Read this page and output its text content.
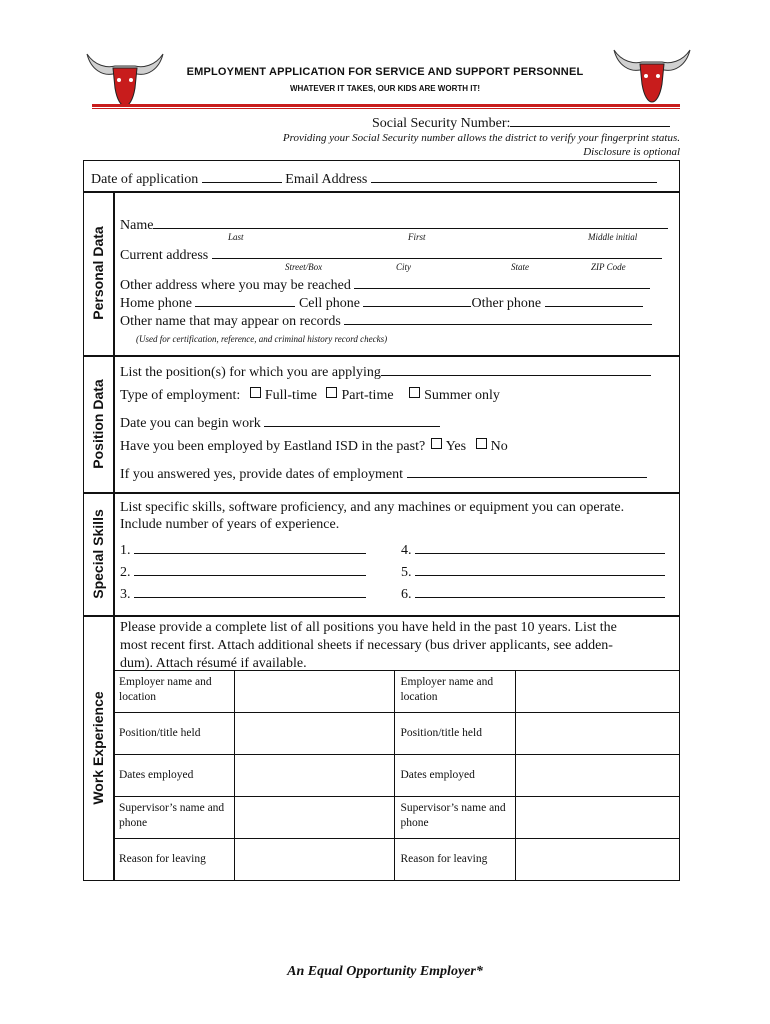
EMPLOYMENT APPLICATION FOR SERVICE AND SUPPORT PERSONNEL
WHATEVER IT TAKES, OUR KIDS ARE WORTH IT!
Social Security Number:
Providing your Social Security number allows the district to verify your fingerprint status.
Disclosure is optional
Date of application	Email Address
Personal Data
Position Data
Special Skills
Work Experience
Name
Last	First	Middle initial
Current address
Street/Box	City	State	ZIP Code
Other address where you may be reached
Home phone	Cell phone	Other phone
Other name that may appear on records
(Used for certification, reference, and criminal history record checks)
List the position(s) for which you are applying
Type of employment: Full-time Part-time Summer only
Date you can begin work
Have you been employed by Eastland ISD in the past? Yes No
If you answered yes, provide dates of employment
List specific skills, software proficiency, and any machines or equipment you can operate.
Include number of years of experience.
1.
2.
3.
4.
5.
6.
Please provide a complete list of all positions you have held in the past 10 years. List the
most recent first. Attach additional sheets if necessary (bus driver applicants, see adden-
dum). Attach résumé if available.
Employer name and location		Employer name and location	
Position/title held		Position/title held	
Dates employed		Dates employed	
Supervisor’s name and phone		Supervisor’s name and phone	
Reason for leaving		Reason for leaving	
An Equal Opportunity Employer*
